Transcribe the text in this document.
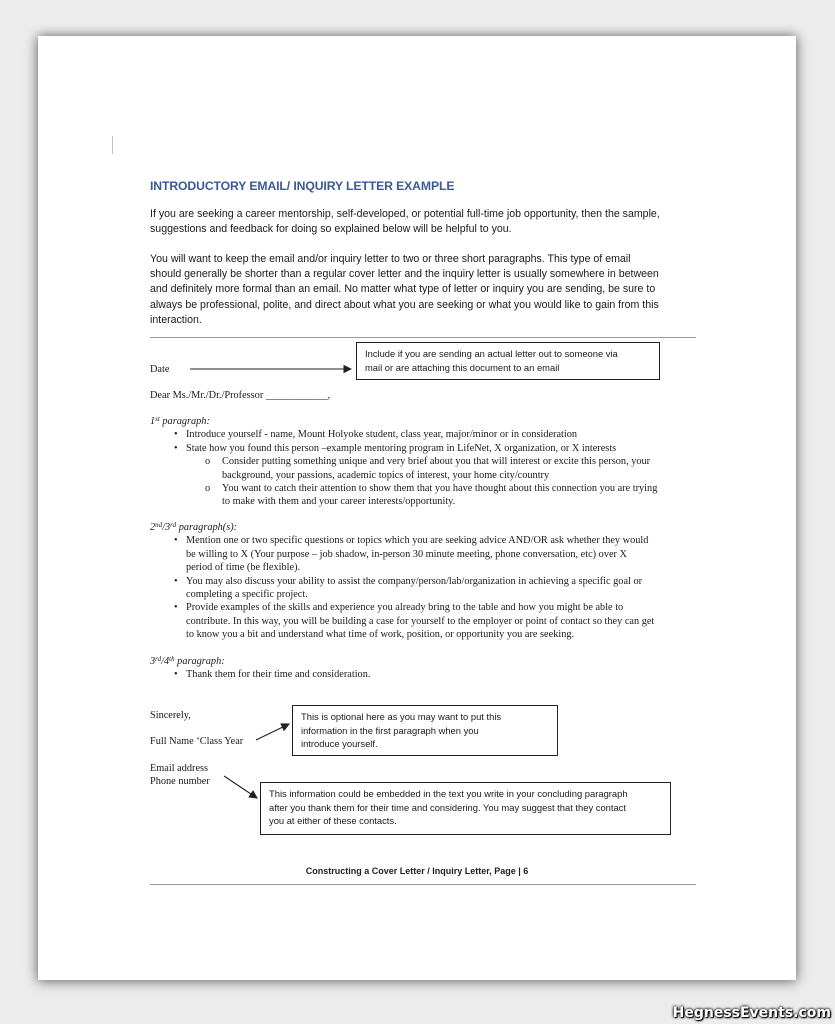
INTRODUCTORY EMAIL/ INQUIRY LETTER EXAMPLE

If you are seeking a career mentorship, self-developed, or potential full-time job opportunity, then the sample,
suggestions and feedback for doing so explained below will be helpful to you.

You will want to keep the email and/or inquiry letter to two or three short paragraphs. This type of email
should generally be shorter than a regular cover letter and the inquiry letter is usually somewhere in between
and definitely more formal than an email. No matter what type of letter or inquiry you are sending, be sure to
always be professional, polite, and direct about what you are seeking or what you would like to gain from this
interaction.

Date
Include if you are sending an actual letter out to someone via
mail or are attaching this document to an email
Dear Ms./Mr./Dr./Professor ____________,
1st paragraph:
• Introduce yourself - name, Mount Holyoke student, class year, major/minor or in consideration
• State how you found this person –example mentoring program in LifeNet, X organization, or X interests
o Consider putting something unique and very brief about you that will interest or excite this person, your
background, your passions, academic topics of interest, your home city/country
o You want to catch their attention to show them that you have thought about this connection you are trying
to make with them and your career interests/opportunity.
2nd/3rd paragraph(s):
• Mention one or two specific questions or topics which you are seeking advice AND/OR ask whether they would
be willing to X (Your purpose – job shadow, in-person 30 minute meeting, phone conversation, etc) over X
period of time (be flexible).
• You may also discuss your ability to assist the company/person/lab/organization in achieving a specific goal or
completing a specific project.
• Provide examples of the skills and experience you already bring to the table and how you might be able to
contribute. In this way, you will be building a case for yourself to the employer or point of contact so they can get
to know you a bit and understand what time of work, position, or opportunity you are seeking.
3rd/4th paragraph:
• Thank them for their time and consideration.
Sincerely,
Full Name ‘Class Year
This is optional here as you may want to put this
information in the first paragraph when you
introduce yourself.
Email address
Phone number
This information could be embedded in the text you write in your concluding paragraph
after you thank them for their time and considering. You may suggest that they contact
you at either of these contacts.

Constructing a Cover Letter / Inquiry Letter, Page | 6

HegnessEvents.com
